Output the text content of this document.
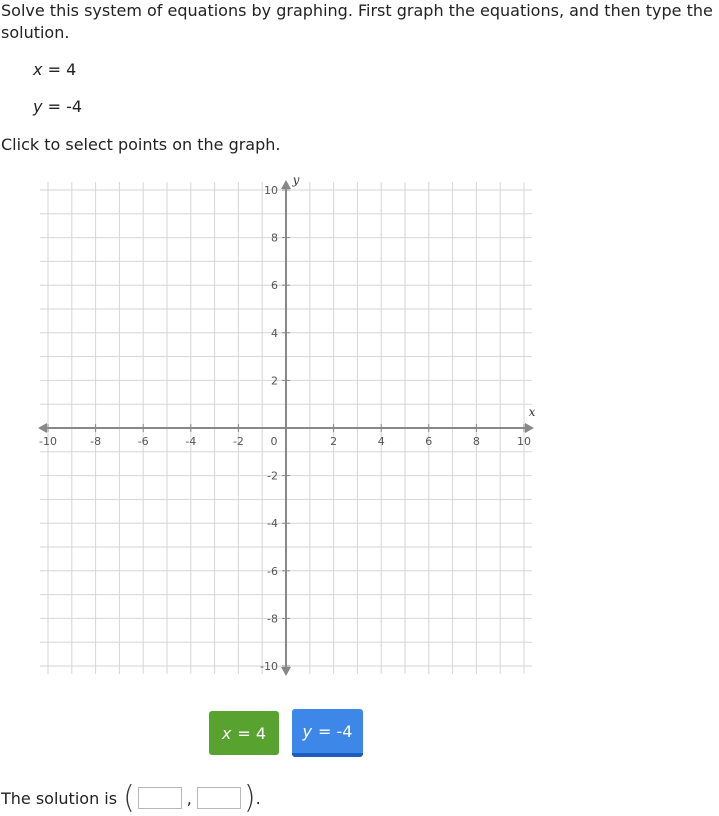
Solve this system of equations by graphing. First graph the equations, and then type the solution.

x = 4
y = -4
Click to select points on the graph.
-10	-8	-6	-4	-2 0	2	4	6	8	10
10
8
6
4
2
-2
-4
-6
-8
-10
x
y
x = 4 y = -4
The solution is (	, ) .
